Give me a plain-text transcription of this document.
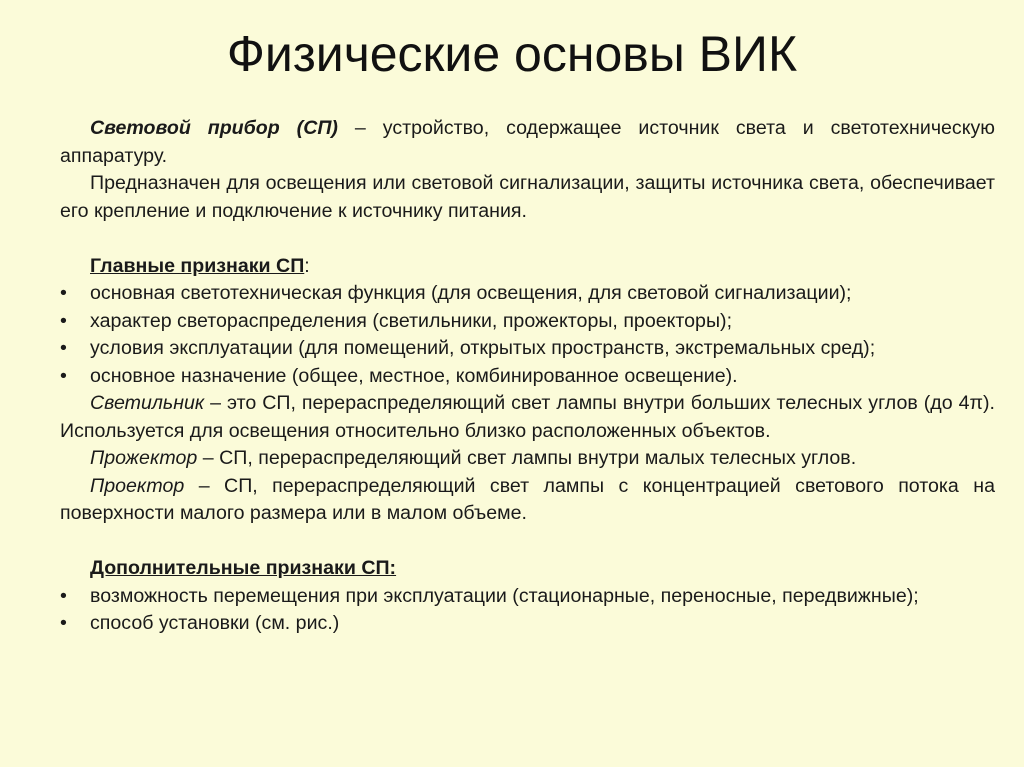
Физические основы ВИК

Световой прибор (СП) – устройство, содержащее источник света и светотехническую аппаратуру.

Предназначен для освещения или световой сигнализации, защиты источника света, обеспечивает его крепление и подключение к источнику питания.

Главные признаки СП:

• основная светотехническая функция (для освещения, для световой сигнализации);

• характер светораспределения (светильники, прожекторы, проекторы);

• условия эксплуатации (для помещений, открытых пространств, экстремальных сред);

• основное назначение (общее, местное, комбинированное освещение).

Светильник – это СП, перераспределяющий свет лампы внутри больших телесных углов (до 4π). Используется для освещения относительно близко расположенных объектов.

Прожектор – СП, перераспределяющий свет лампы внутри малых телесных углов.

Проектор – СП, перераспределяющий свет лампы с концентрацией светового потока на поверхности малого размера или в малом объеме.

Дополнительные признаки СП:

• возможность перемещения при эксплуатации (стационарные, переносные, передвижные);

• способ установки (см. рис.)
